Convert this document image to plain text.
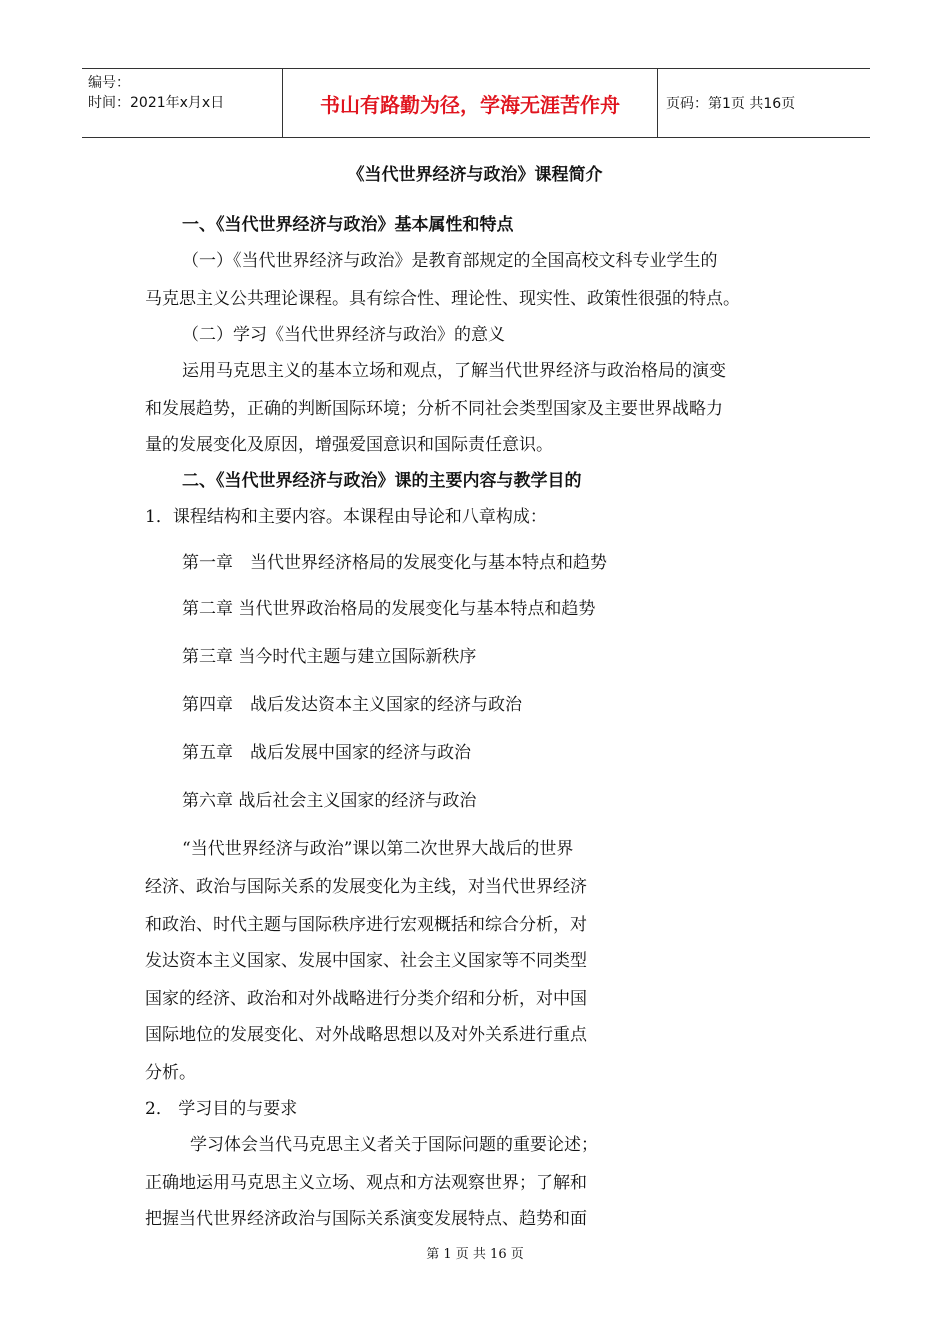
编号：
时间：2021年x月x日	书山有路勤为径，学海无涯苦作舟	页码：第1页 共16页
《当代世界经济与政治》课程简介
一、《当代世界经济与政治》基本属性和特点
（一）《当代世界经济与政治》是教育部规定的全国高校文科专业学生的
马克思主义公共理论课程。具有综合性、理论性、现实性、政策性很强的特点。
（二）学习《当代世界经济与政治》的意义
运用马克思主义的基本立场和观点，了解当代世界经济与政治格局的演变
和发展趋势，正确的判断国际环境；分析不同社会类型国家及主要世界战略力
量的发展变化及原因，增强爱国意识和国际责任意识。
二、《当代世界经济与政治》课的主要内容与教学目的
1．课程结构和主要内容。本课程由导论和八章构成：
第一章　当代世界经济格局的发展变化与基本特点和趋势
第二章 当代世界政治格局的发展变化与基本特点和趋势
第三章 当今时代主题与建立国际新秩序
第四章　战后发达资本主义国家的经济与政治
第五章　战后发展中国家的经济与政治
第六章 战后社会主义国家的经济与政治
“当代世界经济与政治”课以第二次世界大战后的世界
经济、政治与国际关系的发展变化为主线，对当代世界经济
和政治、时代主题与国际秩序进行宏观概括和综合分析，对
发达资本主义国家、发展中国家、社会主义国家等不同类型
国家的经济、政治和对外战略进行分类介绍和分析，对中国
国际地位的发展变化、对外战略思想以及对外关系进行重点
分析。
2． 学习目的与要求
学习体会当代马克思主义者关于国际问题的重要论述；
正确地运用马克思主义立场、观点和方法观察世界；了解和
把握当代世界经济政治与国际关系演变发展特点、趋势和面
第 1 页 共 16 页
